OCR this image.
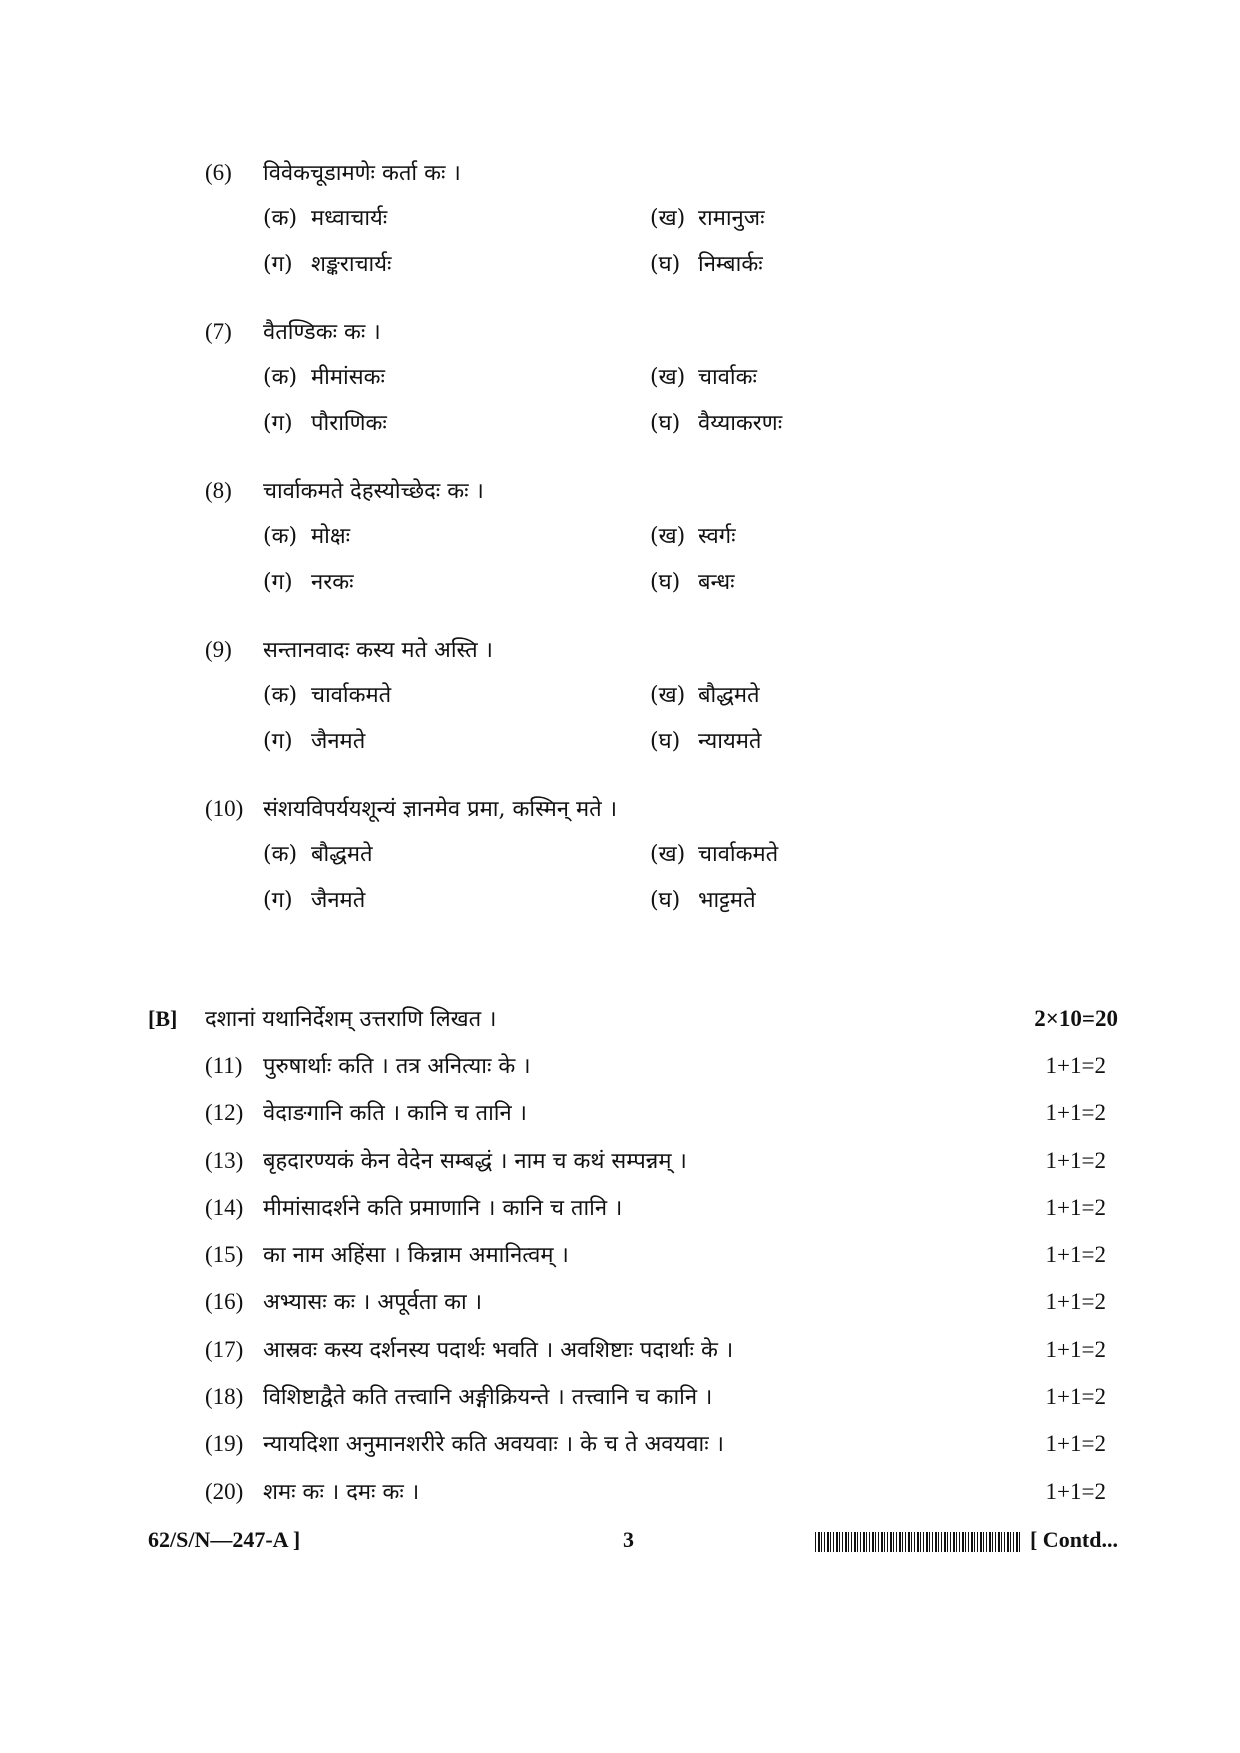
(6) विवेकचूडामणेः कर्ता कः ।
(क) मध्वाचार्यः	(ख) रामानुजः
(ग) शङ्कराचार्यः	(घ) निम्बार्कः
(7) वैतण्डिकः कः ।
(क) मीमांसकः	(ख) चार्वाकः
(ग) पौराणिकः	(घ) वैय्याकरणः
(8) चार्वाकमते देहस्योच्छेदः कः ।
(क) मोक्षः	(ख) स्वर्गः
(ग) नरकः	(घ) बन्धः
(9) सन्तानवादः कस्य मते अस्ति ।
(क) चार्वाकमते	(ख) बौद्धमते
(ग) जैनमते	(घ) न्यायमते
(10) संशयविपर्ययशून्यं ज्ञानमेव प्रमा, कस्मिन् मते ।
(क) बौद्धमते	(ख) चार्वाकमते
(ग) जैनमते	(घ) भाट्टमते
[B] दशानां यथानिर्देशम् उत्तराणि लिखत ।	2×10=20
(11) पुरुषार्थाः कति । तत्र अनित्याः के ।	1+1=2
(12) वेदाङगानि कति । कानि च तानि ।	1+1=2
(13) बृहदारण्यकं केन वेदेन सम्बद्धं । नाम च कथं सम्पन्नम् ।	1+1=2
(14) मीमांसादर्शने कति प्रमाणानि । कानि च तानि ।	1+1=2
(15) का नाम अहिंसा । किन्नाम अमानित्वम् ।	1+1=2
(16) अभ्यासः कः । अपूर्वता का ।	1+1=2
(17) आस्रवः कस्य दर्शनस्य पदार्थः भवति । अवशिष्टाः पदार्थाः के ।	1+1=2
(18) विशिष्टाद्वैते कति तत्त्वानि अङ्गीक्रियन्ते । तत्त्वानि च कानि ।	1+1=2
(19) न्यायदिशा अनुमानशरीरे कति अवयवाः । के च ते अवयवाः ।	1+1=2
(20) शमः कः । दमः कः ।	1+1=2
62/S/N—247-A ]	3	[ Contd...
